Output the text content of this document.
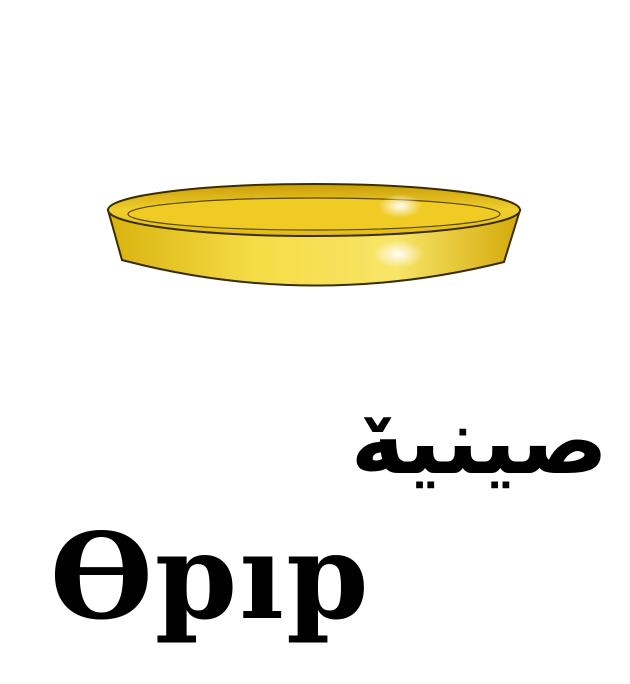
صينيهٚ
Ѳpıp
